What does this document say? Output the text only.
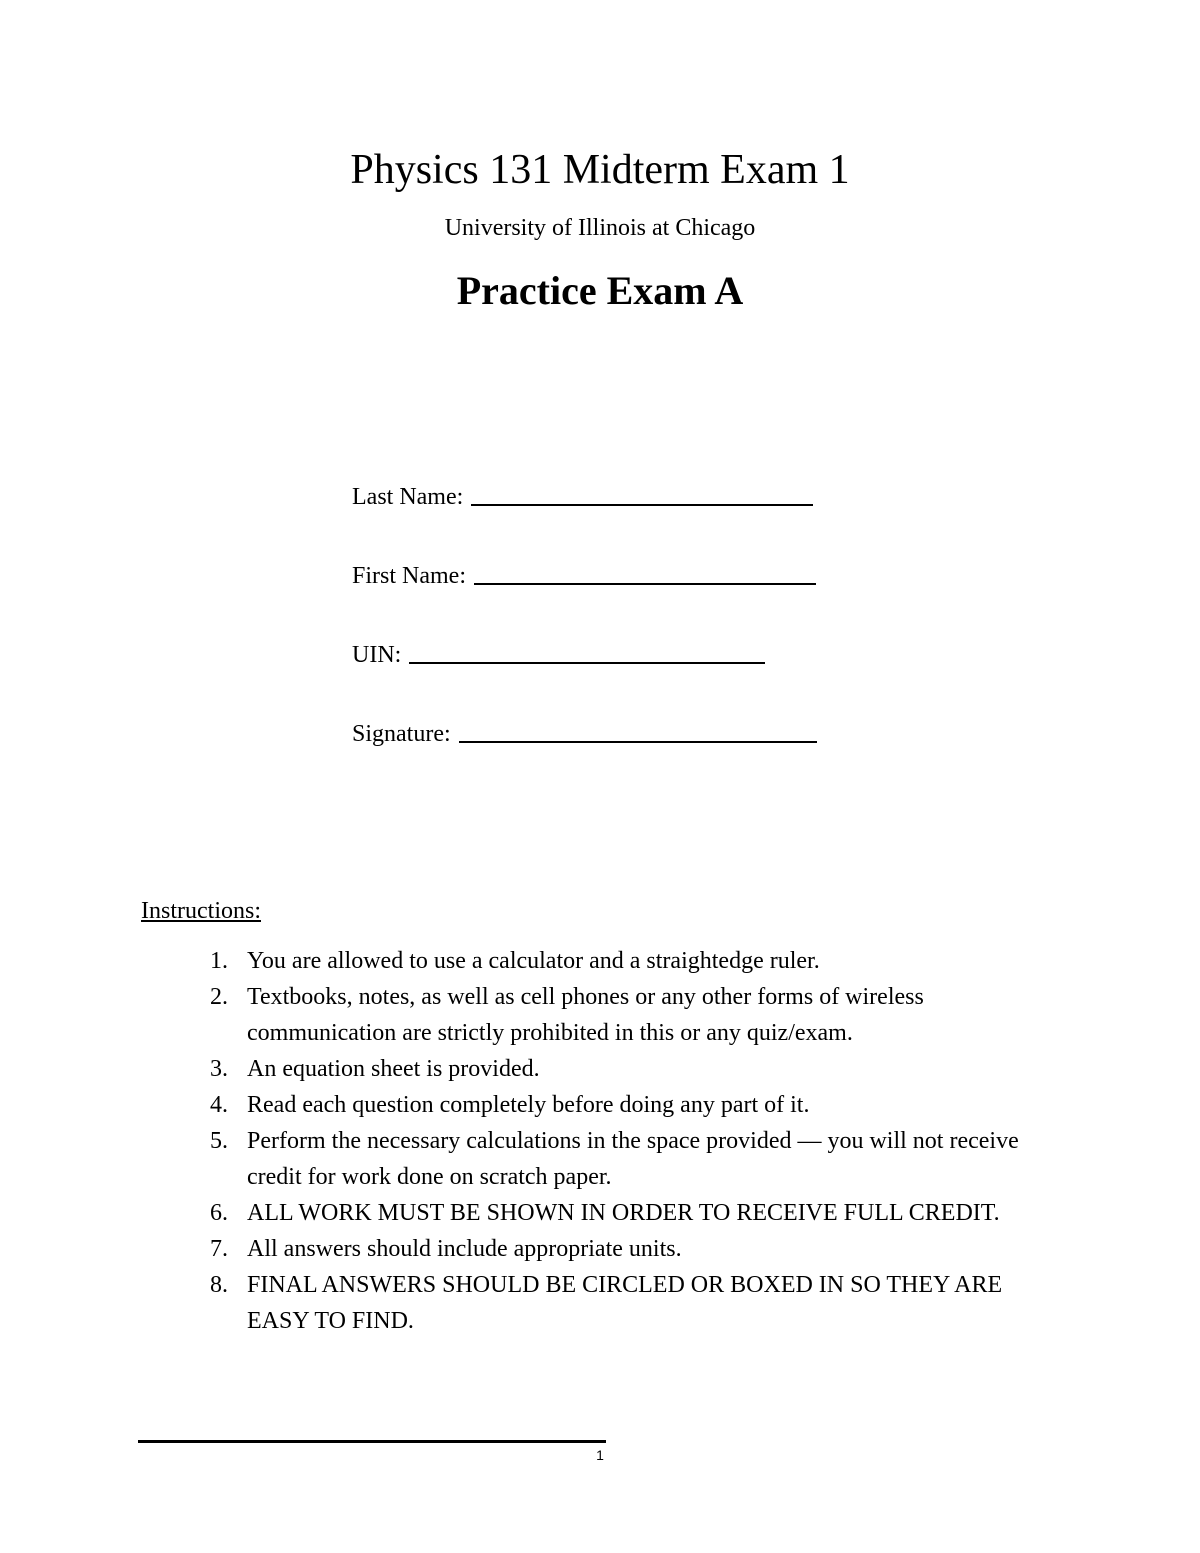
Physics 131 Midterm Exam 1
University of Illinois at Chicago
Practice Exam A
Last Name:
First Name:
UIN:
Signature:
Instructions:
1. You are allowed to use a calculator and a straightedge ruler.
2. Textbooks, notes, as well as cell phones or any other forms of wireless communication are strictly prohibited in this or any quiz/exam.
3. An equation sheet is provided.
4. Read each question completely before doing any part of it.
5. Perform the necessary calculations in the space provided — you will not receive credit for work done on scratch paper.
6. ALL WORK MUST BE SHOWN IN ORDER TO RECEIVE FULL CREDIT.
7. All answers should include appropriate units.
8. FINAL ANSWERS SHOULD BE CIRCLED OR BOXED IN SO THEY ARE EASY TO FIND.
1
